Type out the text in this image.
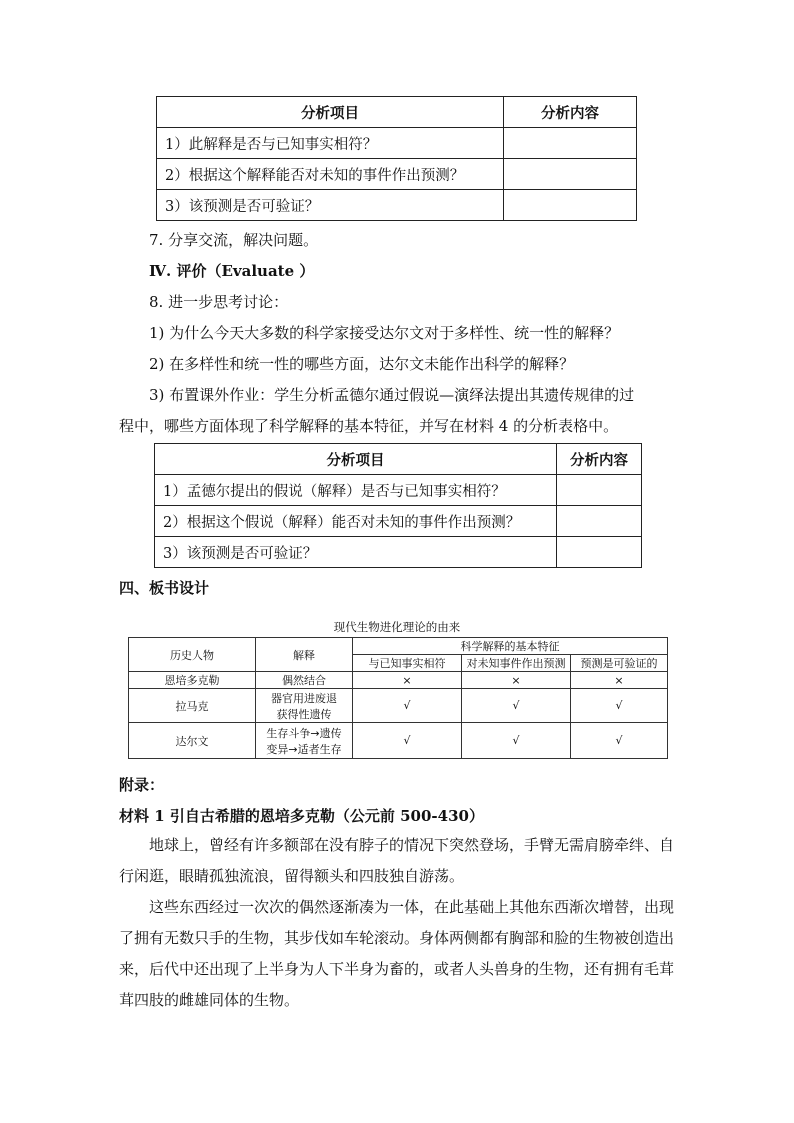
分析项目	分析内容
1）此解释是否与已知事实相符？	
2）根据这个解释能否对未知的事件作出预测？	
3）该预测是否可验证？	
7. 分享交流，解决问题。
Ⅳ. 评价（Evaluate ）
8. 进一步思考讨论：
1) 为什么今天大多数的科学家接受达尔文对于多样性、统一性的解释？
2) 在多样性和统一性的哪些方面，达尔文未能作出科学的解释？
3) 布置课外作业：学生分析孟德尔通过假说—演绎法提出其遗传规律的过
程中，哪些方面体现了科学解释的基本特征，并写在材料 4 的分析表格中。
分析项目	分析内容
1）孟德尔提出的假说（解释）是否与已知事实相符？	
2）根据这个假说（解释）能否对未知的事件作出预测？	
3）该预测是否可验证？	
四、板书设计
现代生物进化理论的由来
历史人物	解释	科学解释的基本特征		
		与已知事实相符	对未知事件作出预测	预测是可验证的
恩培多克勒	偶然结合	×	×	×
拉马克	器官用进废退
获得性遗传	√	√	√
达尔文	生存斗争→遗传
变异→适者生存	√	√	√
附录：
材料 1 引自古希腊的恩培多克勒（公元前 500-430）
地球上，曾经有许多额部在没有脖子的情况下突然登场，手臂无需肩膀牵绊、自行闲逛，眼睛孤独流浪，留得额头和四肢独自游荡。
这些东西经过一次次的偶然逐渐凑为一体，在此基础上其他东西渐次增替，出现了拥有无数只手的生物，其步伐如车轮滚动。身体两侧都有胸部和脸的生物被创造出来，后代中还出现了上半身为人下半身为畜的，或者人头兽身的生物，还有拥有毛茸茸四肢的雌雄同体的生物。
